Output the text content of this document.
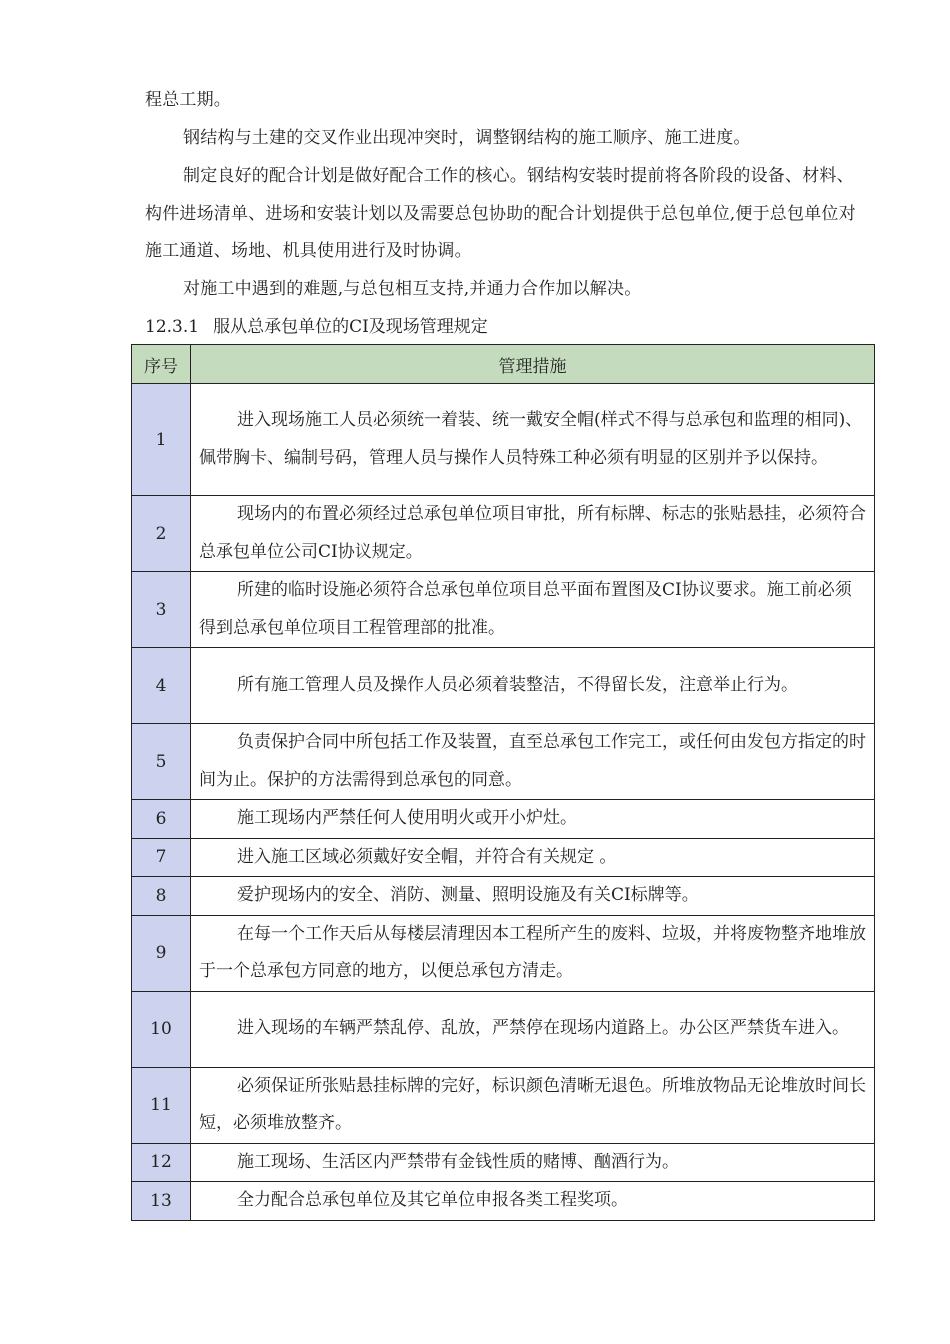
程总工期。

钢结构与土建的交叉作业出现冲突时，调整钢结构的施工顺序、施工进度。

制定良好的配合计划是做好配合工作的核心。钢结构安装时提前将各阶段的设备、材料、构件进场清单、进场和安装计划以及需要总包协助的配合计划提供于总包单位,便于总包单位对施工通道、场地、机具使用进行及时协调。

对施工中遇到的难题,与总包相互支持,并通力合作加以解决。

12.3.1 服从总承包单位的CI及现场管理规定

序号	管理措施
1	进入现场施工人员必须统一着装、统一戴安全帽(样式不得与总承包和监理的相同)、佩带胸卡、编制号码，管理人员与操作人员特殊工种必须有明显的区别并予以保持。
2	现场内的布置必须经过总承包单位项目审批，所有标牌、标志的张贴悬挂，必须符合总承包单位公司CI协议规定。
3	所建的临时设施必须符合总承包单位项目总平面布置图及CI协议要求。施工前必须得到总承包单位项目工程管理部的批准。
4	所有施工管理人员及操作人员必须着装整洁，不得留长发，注意举止行为。
5	负责保护合同中所包括工作及装置，直至总承包工作完工，或任何由发包方指定的时间为止。保护的方法需得到总承包的同意。
6	施工现场内严禁任何人使用明火或开小炉灶。
7	进入施工区域必须戴好安全帽，并符合有关规定 。
8	爱护现场内的安全、消防、测量、照明设施及有关CI标牌等。
9	在每一个工作天后从每楼层清理因本工程所产生的废料、垃圾，并将废物整齐地堆放于一个总承包方同意的地方，以便总承包方清走。
10	进入现场的车辆严禁乱停、乱放，严禁停在现场内道路上。办公区严禁货车进入。
11	必须保证所张贴悬挂标牌的完好，标识颜色清晰无退色。所堆放物品无论堆放时间长短，必须堆放整齐。
12	施工现场、生活区内严禁带有金钱性质的赌博、酗酒行为。
13	全力配合总承包单位及其它单位申报各类工程奖项。
